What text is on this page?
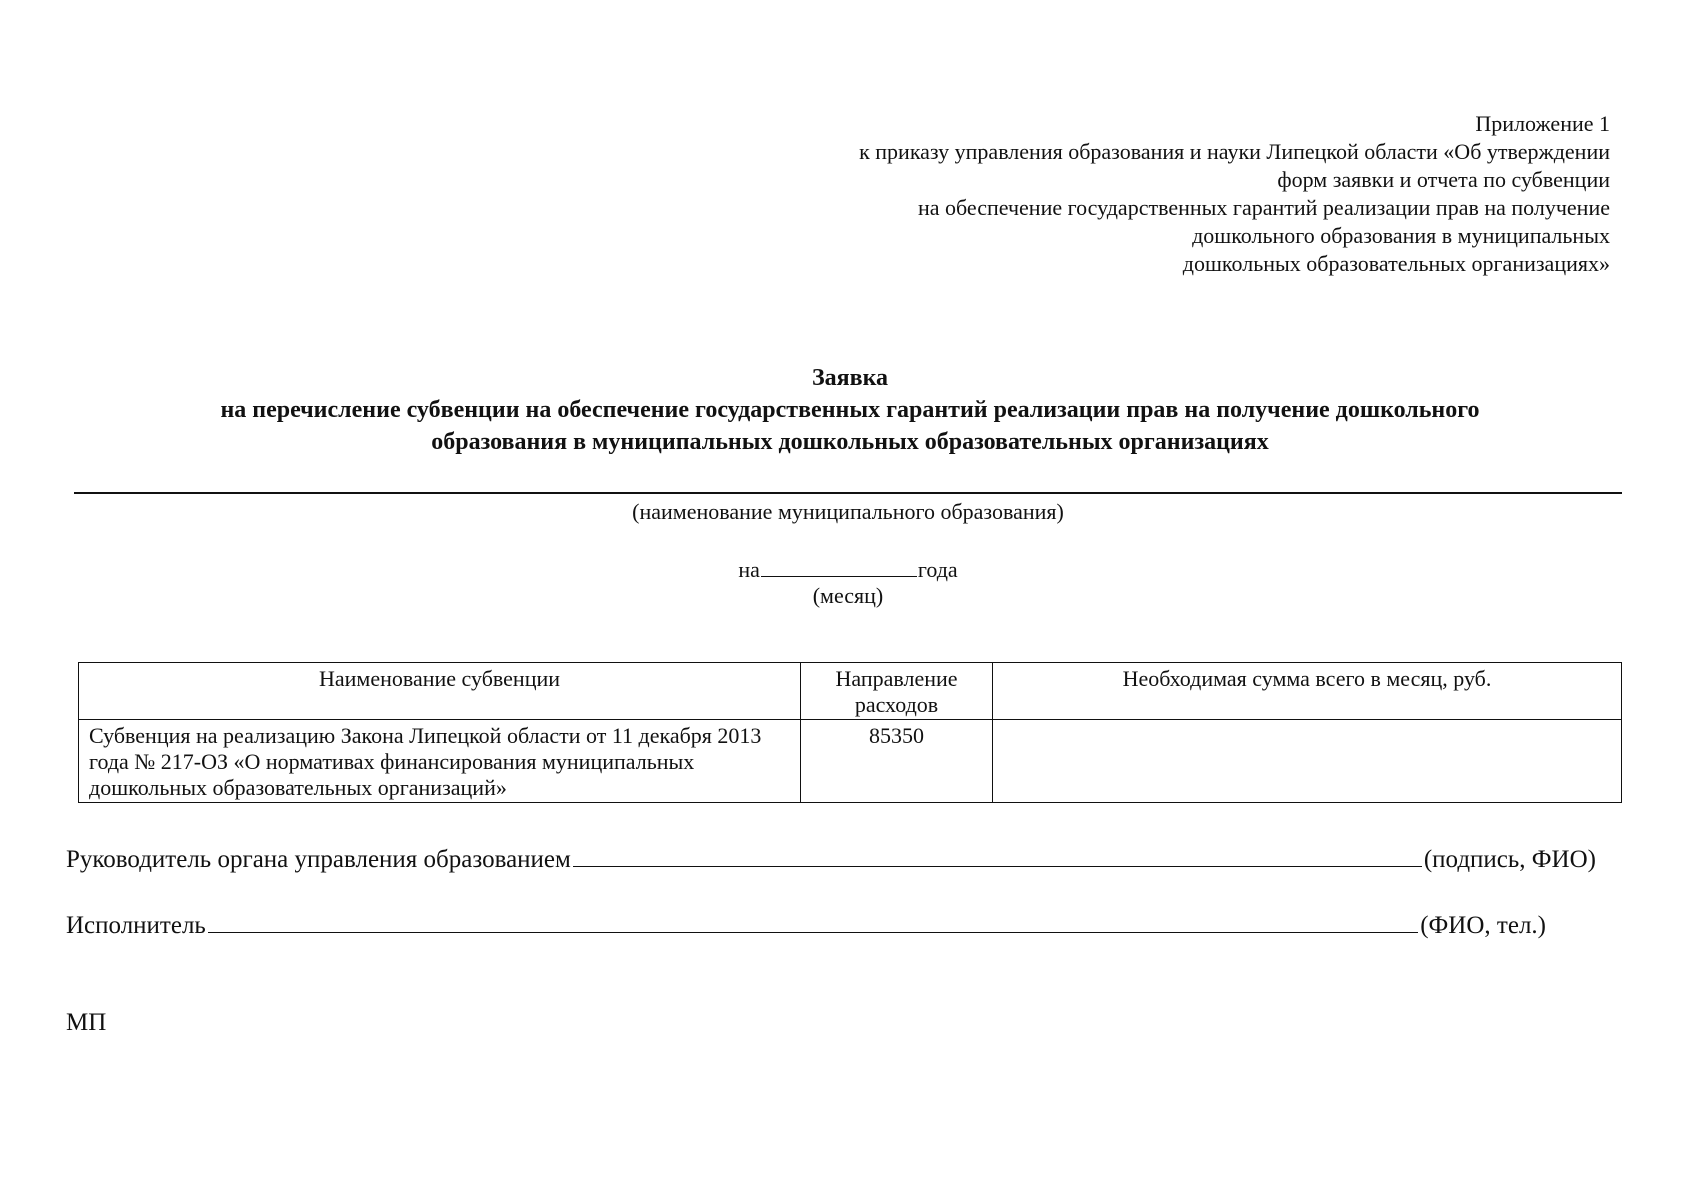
Приложение 1
к приказу управления образования и науки Липецкой области «Об утверждении
форм заявки и отчета по субвенции
на обеспечение государственных гарантий реализации прав на получение
дошкольного образования в муниципальных
дошкольных образовательных организациях»
Заявка
на перечисление субвенции на обеспечение государственных гарантий реализации прав на получение дошкольного
образования в муниципальных дошкольных образовательных организациях
(наименование муниципального образования)
на	года
(месяц)
Наименование субвенции	Направление расходов	Необходимая сумма всего в месяц, руб.
Субвенция на реализацию Закона Липецкой области от 11 декабря 2013 года № 217-ОЗ «О нормативах финансирования муниципальных дошкольных образовательных организаций»	85350	
Руководитель органа управления образованием	(подпись, ФИО)
Исполнитель	(ФИО, тел.)
МП
